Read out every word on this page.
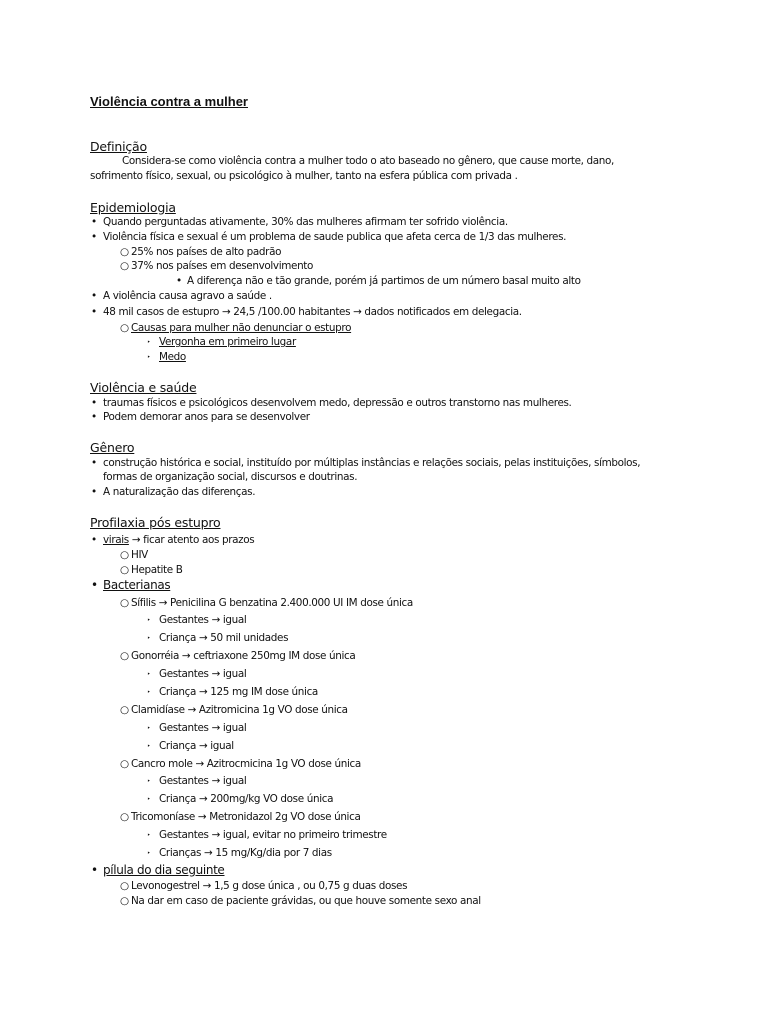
Violência contra a mulher
Definição
Considera-se como violência contra a mulher todo o ato baseado no gênero, que cause morte, dano,
sofrimento físico, sexual, ou psicológico à mulher, tanto na esfera pública com privada .
Epidemiologia
• Quando perguntadas ativamente, 30% das mulheres afirmam ter sofrido violência.
• Violência física e sexual é um problema de saude publica que afeta cerca de 1/3 das mulheres.
○ 25% nos países de alto padrão
○ 37% nos países em desenvolvimento
• A diferença não e tão grande, porém já partimos de um número basal muito alto
• A violência causa agravo a saúde .
• 48 mil casos de estupro → 24,5 /100.00 habitantes → dados notificados em delegacia.
○ Causas para mulher não denunciar o estupro
‣ Vergonha em primeiro lugar
‣ Medo
Violência e saúde
• traumas físicos e psicológicos desenvolvem medo, depressão e outros transtorno nas mulheres.
• Podem demorar anos para se desenvolver
Gênero
• construção histórica e social, instituído por múltiplas instâncias e relações sociais, pelas instituições, símbolos,
formas de organização social, discursos e doutrinas.
• A naturalização das diferenças.
Profilaxia pós estupro
• virais → ficar atento aos prazos
○ HIV
○ Hepatite B
• Bacterianas
○ Sífilis → Penicilina G benzatina 2.400.000 UI IM dose única
‣ Gestantes → igual
‣ Criança → 50 mil unidades
○ Gonorréia → ceftriaxone 250mg IM dose única
‣ Gestantes → igual
‣ Criança → 125 mg IM dose única
○ Clamidíase → Azitromicina 1g VO dose única
‣ Gestantes → igual
‣ Criança → igual
○ Cancro mole → Azitrocmicina 1g VO dose única
‣ Gestantes → igual
‣ Criança → 200mg/kg VO dose única
○ Tricomoníase → Metronidazol 2g VO dose única
‣ Gestantes → igual, evitar no primeiro trimestre
‣ Crianças → 15 mg/Kg/dia por 7 dias
• pílula do dia seguinte
○ Levonogestrel → 1,5 g dose única , ou 0,75 g duas doses
○ Na dar em caso de paciente grávidas, ou que houve somente sexo anal
